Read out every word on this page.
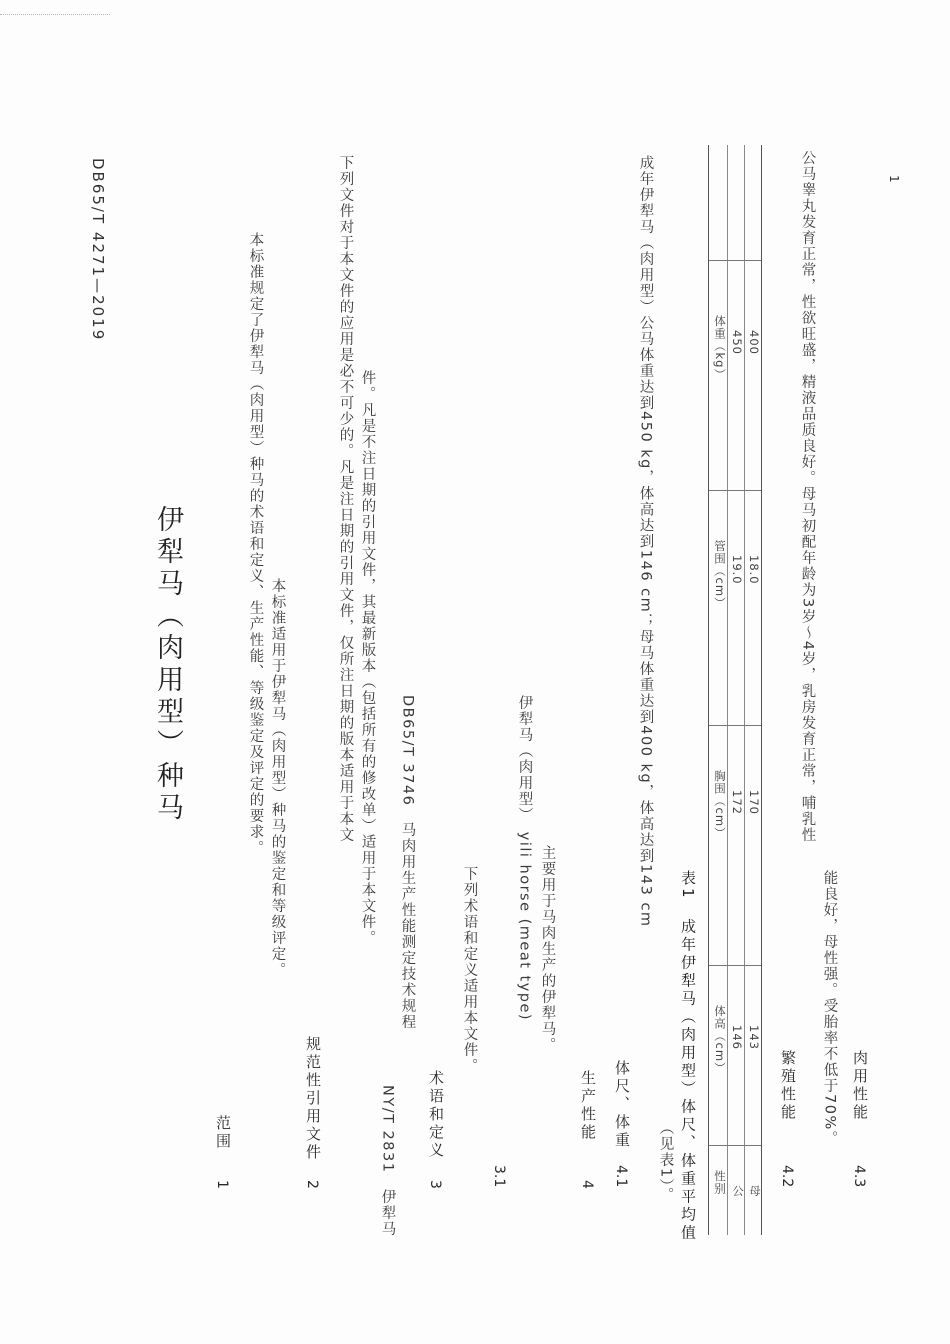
DB65/T 4271—2019	1
伊犁马（肉用型）种马
1
范围
本标准规定了伊犁马（肉用型）种马的术语和定义、生产性能、等级鉴定及评定的要求。 本标准适用于伊犁马（肉用型）种马的鉴定和等级评定。
2
规范性引用文件
下列文件对于本文件的应用是必不可少的。凡是注日期的引用文件，仅所注日期的版本适用于本文 件。凡是不注日期的引用文件，其最新版本（包括所有的修改单）适用于本文件。
NY/T 2831　伊犁马
DB65/T 3746　马肉用生产性能测定技术规程
3
术语和定义
下列术语和定义适用本文件。
3.1
伊犁马（肉用型）　yili horse (meat type) 主要用于马肉生产的伊犁马。
4
生产性能
4.1
体尺、体重
成年伊犁马（肉用型）公马体重达到450 kg，体高达到146 cm；母马体重达到400 kg，体高达到143 cm
（见表1）。 表1　成年伊犁马（肉用型）体尺、体重平均值 性别
体高（cm）
胸围（cm）
管围（cm）
体重（kg）
公
146
172
19.0
450
母
143
170
18.0
400
4.2
繁殖性能
公马睾丸发育正常，性欲旺盛，精液品质良好。母马初配年龄为3岁～4岁，乳房发育正常，哺乳性
能良好，母性强。受胎率不低于70%。
4.3
肉用性能
